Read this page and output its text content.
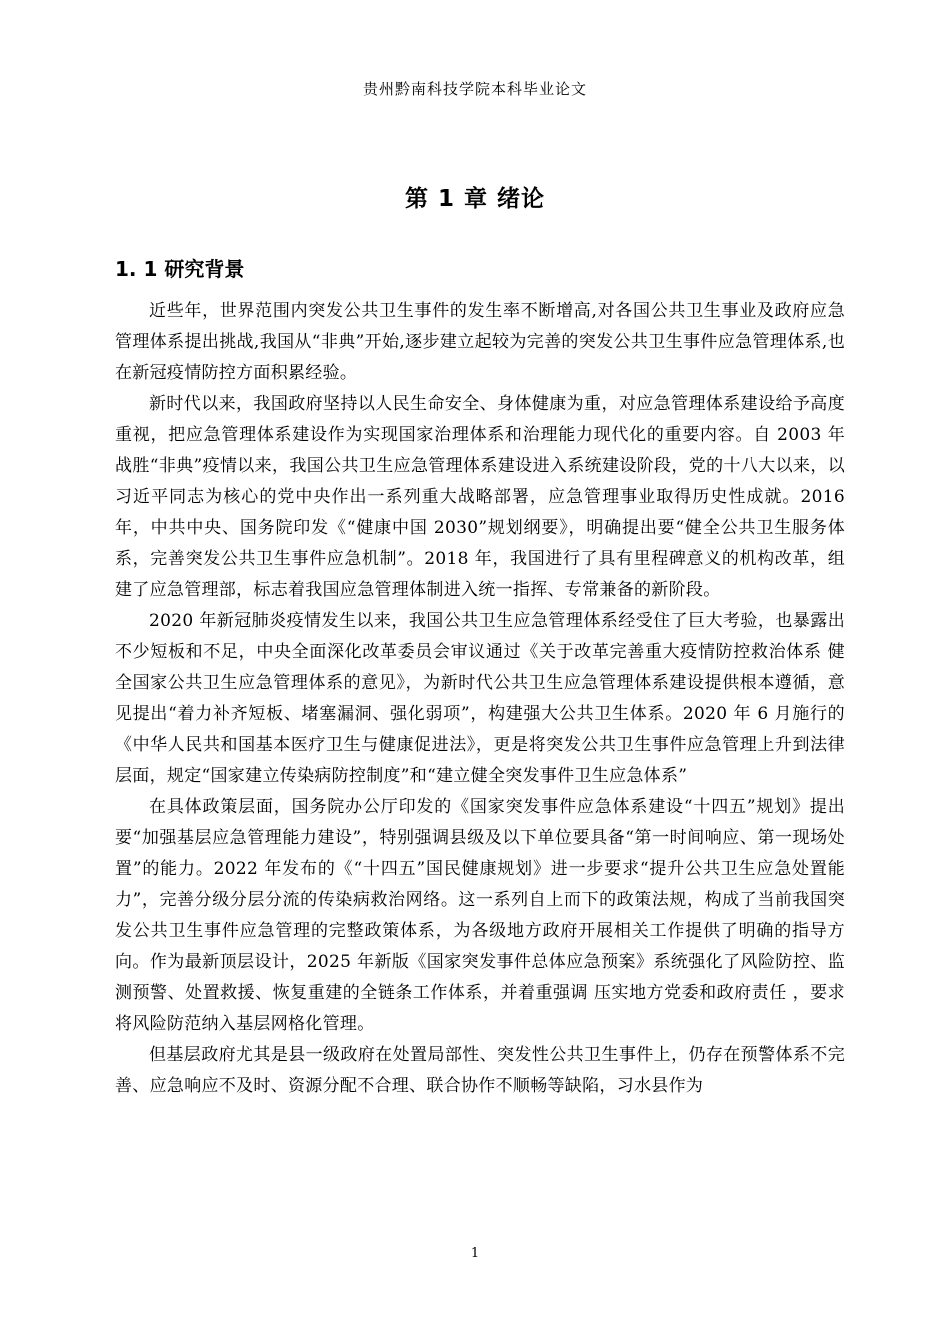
贵州黔南科技学院本科毕业论文
第 1 章 绪论
1. 1 研究背景

近些年，世界范围内突发公共卫生事件的发生率不断增高,对各国公共卫生事业及政府应急管理体系提出挑战,我国从“非典”开始,逐步建立起较为完善的突发公共卫生事件应急管理体系,也在新冠疫情防控方面积累经验。

新时代以来，我国政府坚持以人民生命安全、身体健康为重，对应急管理体系建设给予高度重视，把应急管理体系建设作为实现国家治理体系和治理能力现代化的重要内容。自 2003 年战胜“非典”疫情以来，我国公共卫生应急管理体系建设进入系统建设阶段，党的十八大以来，以习近平同志为核心的党中央作出一系列重大战略部署，应急管理事业取得历史性成就。2016 年，中共中央、国务院印发《“健康中国 2030”规划纲要》，明确提出要“健全公共卫生服务体系，完善突发公共卫生事件应急机制”。2018 年，我国进行了具有里程碑意义的机构改革，组建了应急管理部，标志着我国应急管理体制进入统一指挥、专常兼备的新阶段。

2020 年新冠肺炎疫情发生以来，我国公共卫生应急管理体系经受住了巨大考验，也暴露出不少短板和不足，中央全面深化改革委员会审议通过《关于改革完善重大疫情防控救治体系 健全国家公共卫生应急管理体系的意见》，为新时代公共卫生应急管理体系建设提供根本遵循，意见提出“着力补齐短板、堵塞漏洞、强化弱项”，构建强大公共卫生体系。2020 年 6 月施行的《中华人民共和国基本医疗卫生与健康促进法》，更是将突发公共卫生事件应急管理上升到法律层面，规定“国家建立传染病防控制度”和“建立健全突发事件卫生应急体系”

在具体政策层面，国务院办公厅印发的《国家突发事件应急体系建设“十四五”规划》提出要“加强基层应急管理能力建设”，特别强调县级及以下单位要具备“第一时间响应、第一现场处置”的能力。2022 年发布的《“十四五”国民健康规划》进一步要求“提升公共卫生应急处置能力”，完善分级分层分流的传染病救治网络。这一系列自上而下的政策法规，构成了当前我国突发公共卫生事件应急管理的完整政策体系，为各级地方政府开展相关工作提供了明确的指导方向。作为最新顶层设计，2025 年新版《国家突发事件总体应急预案》系统强化了风险防控、监测预警、处置救援、恢复重建的全链条工作体系，并着重强调 压实地方党委和政府责任 ，要求将风险防范纳入基层网格化管理。

但基层政府尤其是县一级政府在处置局部性、突发性公共卫生事件上，仍存在预警体系不完善、应急响应不及时、资源分配不合理、联合协作不顺畅等缺陷，习水县作为

1
